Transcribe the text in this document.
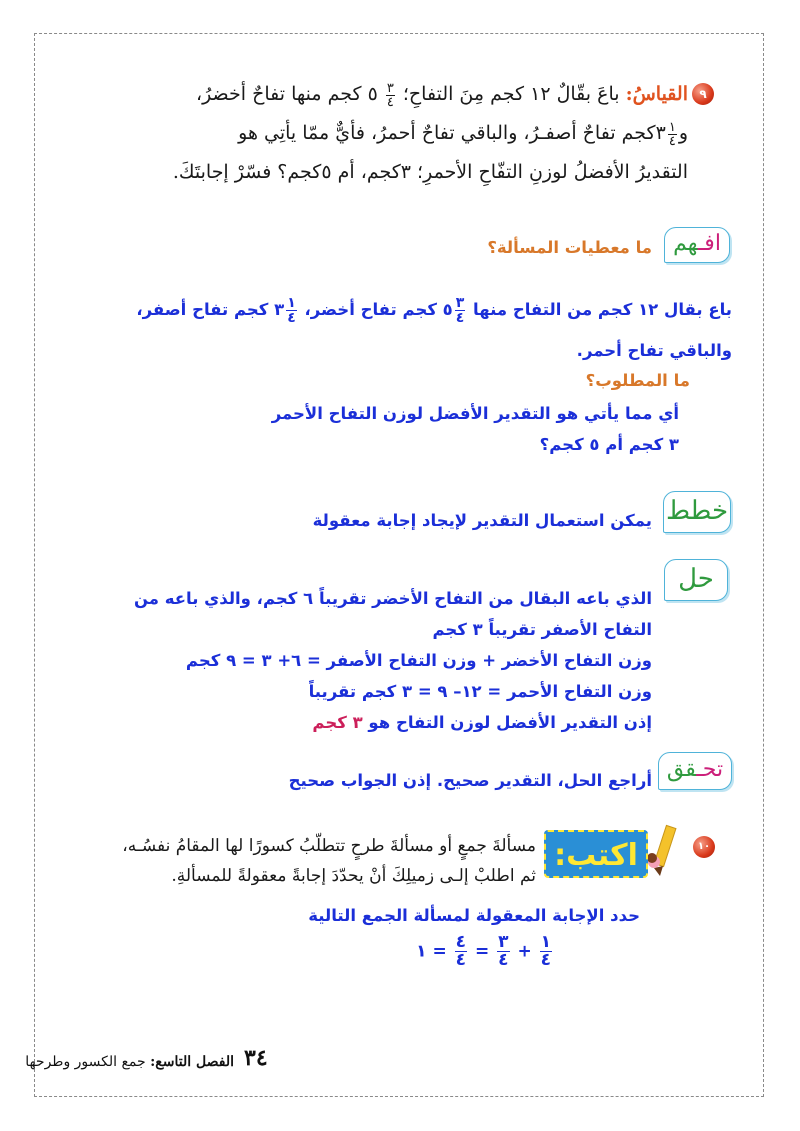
٩
القياسُ: باعَ بقّالٌ ١٢ كجم مِنَ التفاحِ؛
$\frac{٣}{٤}$
٥ كجم منها تفاحٌ أخضرُ،
و
$\frac{١}{٤}$
٣كجم تفاحٌ أصفـرُ، والباقي تفاحٌ أحمرُ، فأيٌّ ممّا يأتِي هو
التقديرُ الأفضلُ لوزنِ التفّاحِ الأحمرِ؛ ٣كجم، أم ٥كجم؟ فسّرْ إجابتَكَ.
افـهم
ما معطيات المسألة؟
باع بقال ١٢ كجم من التفاح منها
$\frac{٣}{٤}$
٥ كجم تفاح أخضر،
$\frac{١}{٤}$
٣ كجم تفاح أصفر،
والباقي تفاح أحمر.
ما المطلوب؟
أي مما يأتي هو التقدير الأفضل لوزن التفاح الأحمر
٣ كجم أم ٥ كجم؟
خطط
يمكن استعمال التقدير لإيجاد إجابة معقولة
حل
الذي باعه البقال من التفاح الأخضر تقريباً ٦ كجم، والذي باعه من
التفاح الأصفر تقريباً ٣ كجم
وزن التفاح الأخضر + وزن التفاح الأصفر = ٦+ ٣ = ٩ كجم
وزن التفاح الأحمر = ١٢– ٩ = ٣ كجم تقريباً
إذن التقدير الأفضل لوزن التفاح هو ٣ كجم
تحـقق
أراجع الحل، التقدير صحيح. إذن الجواب صحيح
١٠
اكتب:
مسألةَ جمعٍ أو مسألةَ طرحٍ تتطلّبُ كسورًا لها المقامُ نفسُـه،
ثم اطلبْ إلـى زميلِكَ أنْ يحدّدَ إجابةً معقولةً للمسألةِ.
حدد الإجابة المعقولة لمسألة الجمع التالية
$\frac{١}{٤}$
+
$\frac{٣}{٤}$
=
$\frac{٤}{٤}$
= ١
٣٤
الفصل التاسع: جمع الكسور وطرحها
